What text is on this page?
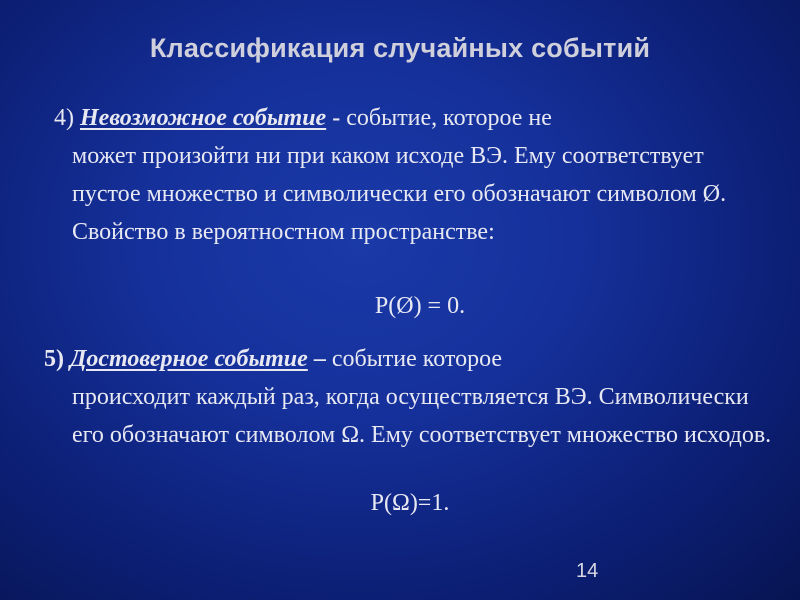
Классификация случайных событий
4) Невозможное событие - событие, которое не
может произойти ни при каком исходе ВЭ. Ему соответствует пустое множество и символически его обозначают символом Ø. Свойство в вероятностном пространстве:
P(Ø) = 0.
5) Достоверное событие – событие которое
происходит каждый раз, когда осуществляется ВЭ. Символически его обозначают символом Ω. Ему соответствует множество исходов.
P(Ω)=1.
14
